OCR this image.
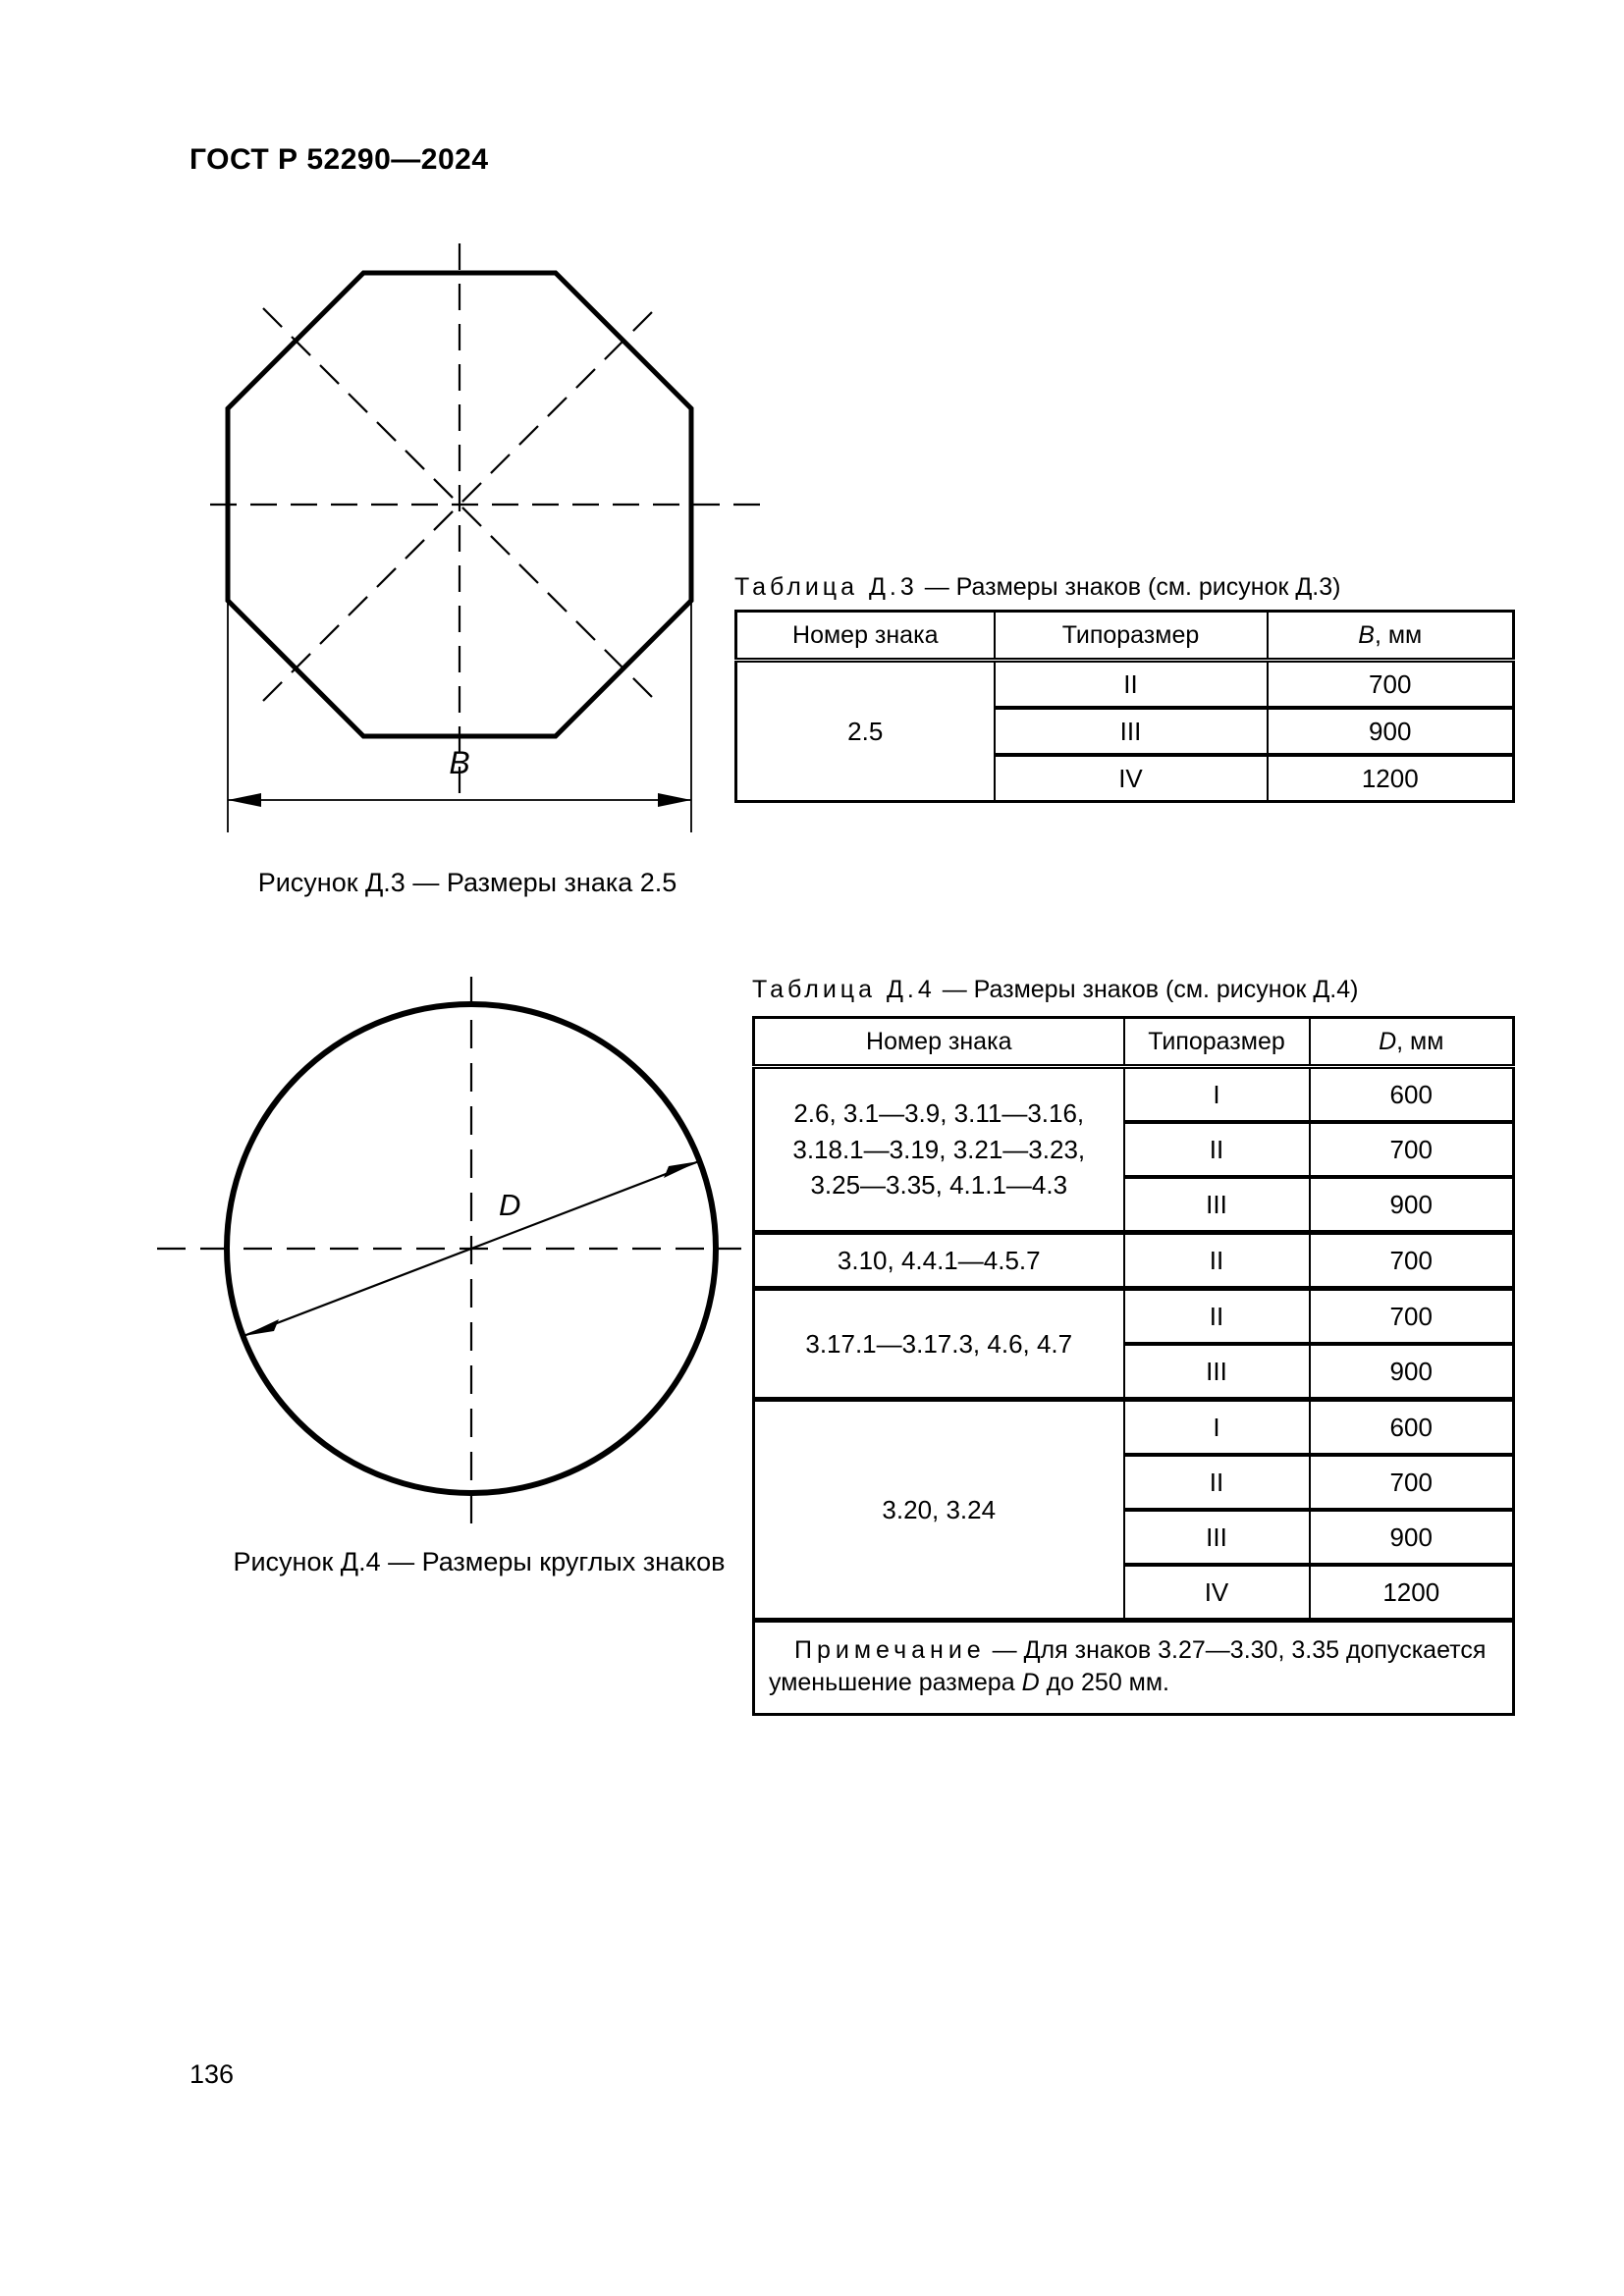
ГОСТ Р 52290—2024
B
Таблица Д.3 — Размеры знаков (см. рисунок Д.3)
Номер знака	Типоразмер	B, мм
2.5	II	700
	III	900
	IV	1200
Рисунок Д.3 — Размеры знака 2.5
D
Таблица Д.4 — Размеры знаков (см. рисунок Д.4)
Номер знака	Типоразмер	D, мм

2.6, 3.1—3.9, 3.11—3.16,
3.18.1—3.19, 3.21—3.23,
3.25—3.35, 4.1.1—4.3	I	600
	II	700
	III	900

3.10, 4.4.1—4.5.7	II	700

3.17.1—3.17.3, 4.6, 4.7	II	700
	III	900

3.20, 3.24	I	600
	II	700
	III	900
	IV	1200
Примечание — Для знаков 3.27—3.30, 3.35 допускается уменьшение размера D до 250 мм.		
Рисунок Д.4 — Размеры круглых знаков
136
